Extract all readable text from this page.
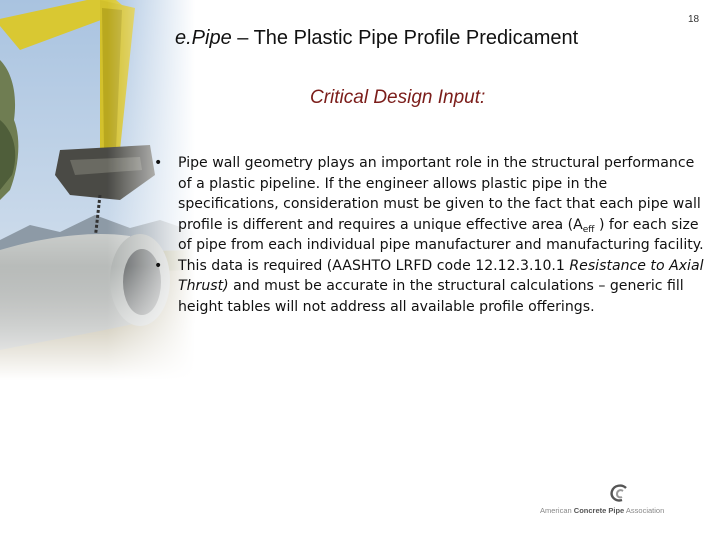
18
e.Pipe – The Plastic Pipe Profile Predicament
Critical Design Input:

• Pipe wall geometry plays an important role in the structural performance of a plastic pipeline. If the engineer allows plastic pipe in the specifications, consideration must be given to the fact that each pipe wall profile is different and requires a unique effective area ($A_{eff}$ ) for each size of pipe from each individual pipe manufacturer and manufacturing facility.

• This data is required (AASHTO LRFD code 12.12.3.10.1 Resistance to Axial Thrust) and must be accurate in the structural calculations – generic fill height tables will not address all available profile offerings.

American Concrete Pipe Association
